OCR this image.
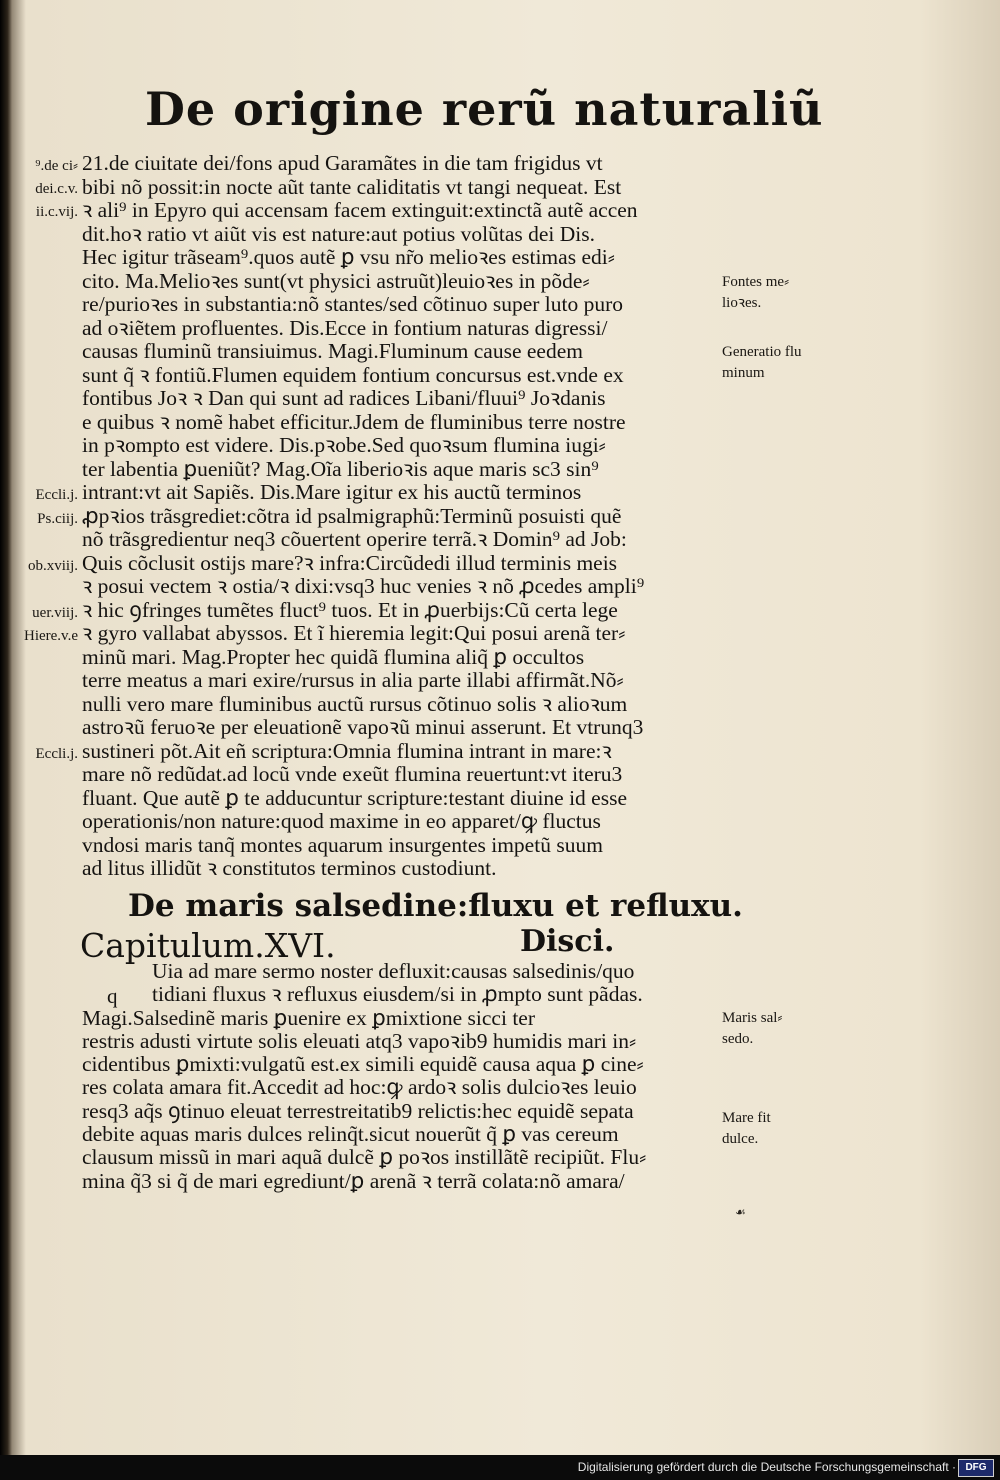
De origine rerũ naturaliũ
21.de ciuitate dei/fons apud Garamãtes in die tam frigidus vt
bibi nõ possit:in nocte aũt tante caliditatis vt tangi nequeat. Est
ꝛ ali⁹ in Epyro qui accensam facem extinguit:extinctã autẽ accen
dit.hoꝛ ratio vt aiũt vis est nature:aut potius volũtas dei Dis.
Hec igitur trãseam⁹.quos autẽ ꝑ vsu nr̃o melioꝛes estimas edi⸗
cito. Ma.Melioꝛes sunt(vt physici astruũt)leuioꝛes in põde⸗
re/purioꝛes in substantia:nõ stantes/sed cõtinuo super luto puro
ad oꝛiẽtem profluentes. Dis.Ecce in fontium naturas digressi/
causas fluminũ transiuimus. Magi.Fluminum cause eedem
sunt q̃ ꝛ fontiũ.Flumen equidem fontium concursus est.vnde ex
fontibus Joꝛ ꝛ Dan qui sunt ad radices Libani/fluui⁹ Joꝛdanis
e quibus ꝛ nomẽ habet efficitur.Jdem de fluminibus terre nostre
in pꝛompto est videre. Dis.pꝛobe.Sed quoꝛsum flumina iugi⸗
ter labentia ꝑueniũt? Mag.Oĩa liberioꝛis aque maris sc3 sin⁹
intrant:vt ait Sapiẽs. Dis.Mare igitur ex his auctũ terminos
ꝓpꝛios trãsgrediet:cõtra id psalmigraphũ:Terminũ posuisti quẽ
nõ trãsgredientur neq3 cõuertent operire terrã.ꝛ Domin⁹ ad Job:
Quis cõclusit ostijs mare?ꝛ infra:Circũdedi illud terminis meis
ꝛ posui vectem ꝛ ostia/ꝛ dixi:vsq3 huc venies ꝛ nõ ꝓcedes ampli⁹
ꝛ hic ꝯfringes tumẽtes fluct⁹ tuos. Et in ꝓuerbijs:Cũ certa lege
ꝛ gyro vallabat abyssos. Et ĩ hieremia legit:Qui posui arenã ter⸗
minũ mari. Mag.Propter hec quidã flumina aliq̃ ꝑ occultos
terre meatus a mari exire/rursus in alia parte illabi affirmãt.Nõ⸗
nulli vero mare fluminibus auctũ rursus cõtinuo solis ꝛ alioꝛum
astroꝛũ feruoꝛe per eleuationẽ vapoꝛũ minui asserunt. Et vtrunq3
sustineri põt.Ait eñ scriptura:Omnia flumina intrant in mare:ꝛ
mare nõ redũdat.ad locũ vnde exeũt flumina reuertunt:vt iteru3
fluant. Que autẽ ꝑ te adducuntur scripture:testant diuine id esse
operationis/non nature:quod maxime in eo apparet/ꝙ fluctus
vndosi maris tanq̃ montes aquarum insurgentes impetũ suum
ad litus illidũt ꝛ constitutos terminos custodiunt.
De maris salsedine:fluxu et refluxu.
Capitulum.XVI.	Disci.
q
Uia ad mare sermo noster defluxit:causas salsedinis/quo
tidiani fluxus ꝛ refluxus eiusdem/si in ꝓmpto sunt pãdas.
Magi.Salsedinẽ maris ꝑuenire ex ꝑmixtione sicci ter
restris adusti virtute solis eleuati atq3 vapoꝛib9 humidis mari in⸗
cidentibus ꝑmixti:vulgatũ est.ex simili equidẽ causa aqua ꝑ cine⸗
res colata amara fit.Accedit ad hoc:ꝙ ardoꝛ solis dulcioꝛes leuio
resq3 aq̃s ꝯtinuo eleuat terrestreitatib9 relictis:hec equidẽ sepata
debite aquas maris dulces relinq̃t.sicut nouerũt q̃ ꝑ vas cereum
clausum missũ in mari aquã dulcẽ ꝑ poꝛos instillãtẽ recipiũt. Flu⸗
mina q̃3 si q̃ de mari egrediunt/ꝑ arenã ꝛ terrã colata:nõ amara/
⁹.de ci⸗
dei.c.v.
ii.c.vij.
Eccli.j.
Ps.ciij.
ob.xviij.
uer.viij.
Hiere.v.e
Eccli.j.
Fontes me⸗
lioꝛes.
Generatio flu
minum
Maris sal⸗
sedo.
Mare fit
dulce.
☙
Digitalisierung gefördert durch die Deutsche Forschungsgemeinschaft · DFG
